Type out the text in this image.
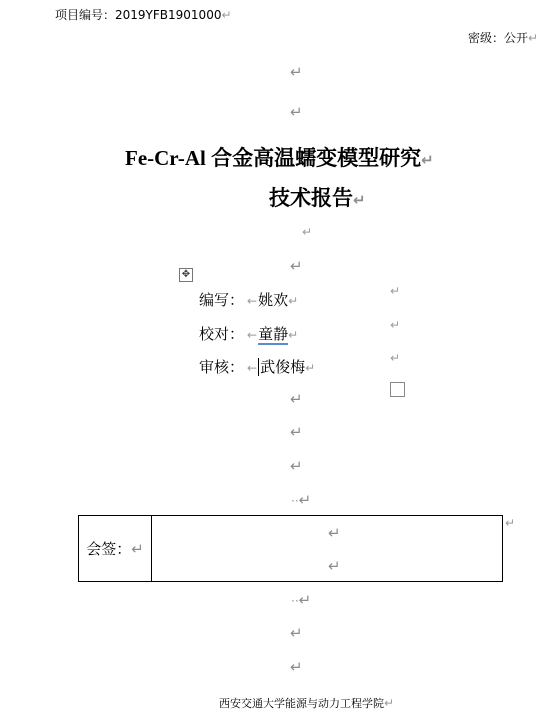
项目编号：2019YFB1901000↵
密级：公开↵
↵
↵
Fe-Cr-Al 合金高温蠕变模型研究↵
技术报告↵
↵
↵
✥
编写： ←姚欢↵
↵
校对： ←童静↵
↵
审核： ← 武俊梅↵
↵
↵
↵
↵
··↵
会签：↵	
↵
↵
↵
··↵
↵
↵
西安交通大学能源与动力工程学院↵
